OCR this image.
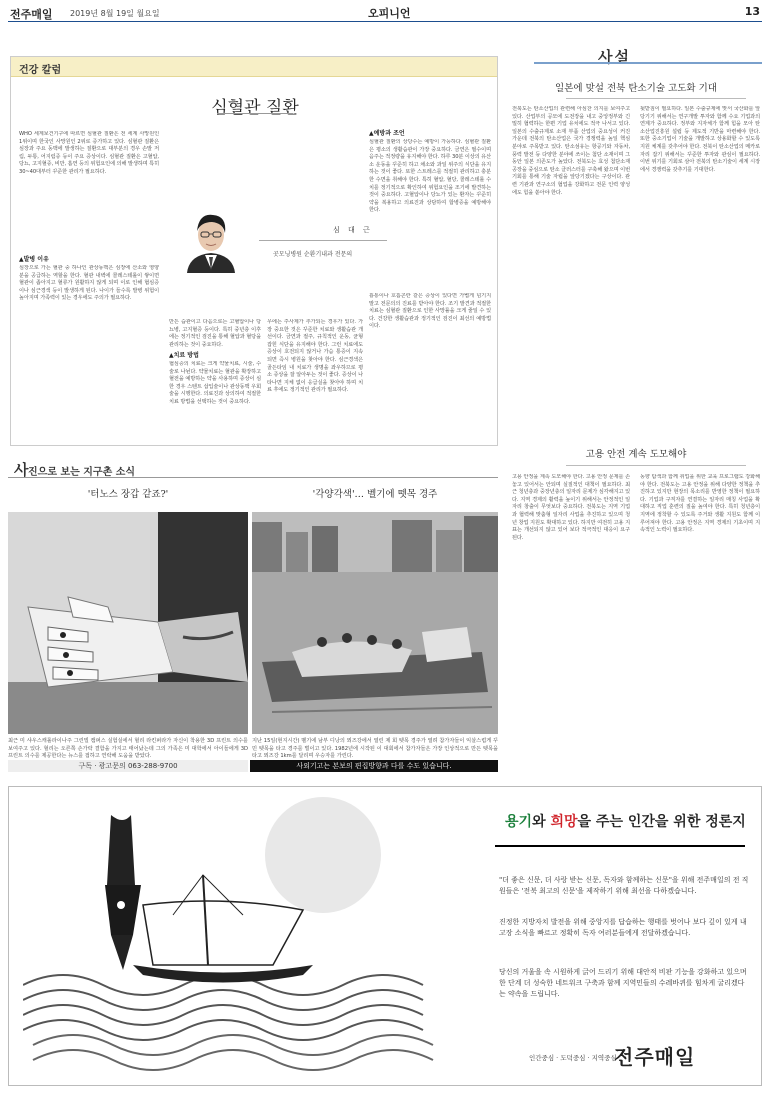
전주매일 2019년 8월 19일 월요일	오피니언	13
건강 칼럼
심혈관 질환
WHO 세계보건기구에 따르면 심혈관 질환은 전 세계 사망원인 1위이며 한국인 사망원인 2위로 증가하고 있다. 심혈관 질환은 심장과 주요 동맥에 발생하는 질환으로 대부분의 경우 손발 저림, 두통, 어지럼증 등이 주요 증상이다. 심혈관 질환은 고혈압, 당뇨, 고지혈증, 비만, 흡연 등의 위험요인에 의해 발생하며 특히 30~40대부터 꾸준한 관리가 필요하다.
▲발병 이유
심장으로 가는 혈관 중 하나인 관상동맥은 심장에 산소와 영양분을 공급하는 역할을 한다. 혈관 내벽에 콜레스테롤이 쌓이면 혈관이 좁아지고 혈류가 원활하지 않게 되며 이로 인해 협심증이나 심근경색 등이 발생하게 된다. 나이가 들수록 발병 위험이 높아지며 가족력이 있는 경우에도 주의가 필요하다.
심 대 근
곳모닝병원 순환기내과 전문의
만든 습관이고 다음으로는 고혈압이나 당뇨병, 고지혈증 등이다. 특히 중년층 이후에는 정기적인 검진을 통해 혈압과 혈당을 관리하는 것이 중요하다.
▲치료 방법
협심증의 치료는 크게 약물치료, 시술, 수술로 나뉜다. 약물치료는 혈관을 확장하고 혈전을 예방하는 약을 사용하며 증상이 심한 경우 스텐트 삽입술이나 관상동맥 우회술을 시행한다. 의료진과 상의하여 적절한 치료 방법을 선택하는 것이 중요하다.
우에는 주사제가 추가되는 경우가 있다. 가장 중요한 것은 꾸준한 치료와 생활습관 개선이다. 금연과 절주, 규칙적인 운동, 균형 잡힌 식단을 유지해야 한다. 그런 치료에도 증상이 호전되지 않거나 가슴 통증이 지속되면 즉시 병원을 찾아야 한다. 심근경색은 골든타임 내 치료가 생명을 좌우하므로 평소 증상을 잘 알아두는 것이 좋다. 증상이 나타나면 지체 없이 응급실을 찾아야 하며 치료 후에도 정기적인 관리가 필요하다.
▲예방과 조언
심혈관 질환의 상당수는 예방이 가능하다. 심혈관 질환은 평소의 생활습관이 가장 중요하다. 금연은 필수이며 음주는 적정량을 유지해야 한다. 하루 30분 이상의 유산소 운동을 꾸준히 하고 채소와 과일 위주의 식단을 유지하는 것이 좋다. 또한 스트레스를 적절히 관리하고 충분한 수면을 취해야 한다. 특히 혈압, 혈당, 콜레스테롤 수치를 정기적으로 확인하여 위험요인을 조기에 발견하는 것이 중요하다. 고혈압이나 당뇨가 있는 환자는 꾸준히 약을 복용하고 의료진과 상담하여 합병증을 예방해야 한다.
흉통이나 호흡곤란 같은 증상이 있다면 가볍게 넘기지 말고 전문의의 진료를 받아야 한다. 조기 발견과 적절한 치료는 심혈관 질환으로 인한 사망률을 크게 줄일 수 있다. 건강한 생활습관과 정기적인 검진이 최선의 예방법이다.
사설
일본에 맞설 전북 탄소기술 고도화 기대
전북도는 탄소산업의 관련해 아심찬 의지를 보여주고 있다. 산업부의 공모에 도전장을 내고 중앙정부와 긴밀히 협력하는 한편 기업 유치에도 적극 나서고 있다. 일본의 수출규제로 소재 부품 산업의 중요성이 커진 가운데 전북의 탄소산업은 국가 경쟁력을 높일 핵심 분야로 주목받고 있다. 탄소섬유는 항공기와 자동차, 풍력 발전 등 다양한 분야에 쓰이는 첨단 소재이며 그동안 일본 의존도가 높았다. 전북도는 효성 첨단소재 공장을 중심으로 탄소 클러스터를 구축해 왔으며 이번 기회를 통해 기술 자립을 앞당기겠다는 구상이다. 관련 기관과 연구소의 협업을 강화하고 전문 인력 양성에도 힘을 쏟아야 한다.
뒷받침이 필요하다. 일본 수출규제에 맞서 국산화를 앞당기기 위해서는 연구개발 투자와 함께 수요 기업과의 연계가 중요하다. 정부와 지자체가 함께 힘을 모아 탄소산업진흥원 설립 등 제도적 기반을 마련해야 한다. 또한 중소기업이 기술을 개발하고 상용화할 수 있도록 지원 체계를 갖추어야 한다. 전북이 탄소산업의 메카로 자리 잡기 위해서는 꾸준한 투자와 관심이 필요하다. 이번 위기를 기회로 삼아 전북의 탄소기술이 세계 시장에서 경쟁력을 갖추기를 기대한다.
고용 안전 계속 도모해야
고용 안정을 계속 도모해야 한다. 고용 안정 문제를 손 놓고 있어서는 안되며 실질적인 대책이 필요하다. 최근 청년층과 중장년층의 일자리 문제가 심각해지고 있다. 지역 경제의 활력을 높이기 위해서는 안정적인 일자리 창출이 무엇보다 중요하다. 전북도는 지역 기업과 협력해 맞춤형 일자리 사업을 추진하고 있으며 청년 창업 지원도 확대하고 있다. 하지만 여전히 고용 지표는 개선되지 않고 있어 보다 적극적인 대응이 요구된다.
동향 탐색과 함께 취업을 위한 교육 프로그램도 강화해야 한다. 전북도는 고용 안정을 위해 다양한 정책을 추진하고 있지만 현장의 목소리를 반영한 정책이 필요하다. 기업과 구직자를 연결하는 일자리 매칭 사업을 확대하고 직업 훈련의 질을 높여야 한다. 특히 청년층이 지역에 정착할 수 있도록 주거와 생활 지원도 함께 이루어져야 한다. 고용 안정은 지역 경제의 기초이며 지속적인 노력이 필요하다.
사 진으로 보는 지구촌 소식
'터노스 장갑 같죠?'	'각양각색'… 벨기에 뗏목 경주
최근 미 샤우스캐롤라이나주 그린빌 캠퍼스 실험실에서 헐리 라킨퍼라가 자신이 착용한 3D 프린트 의수를 보여주고 있다. 헐리는 오른쪽 손가락 결함을 가지고 태어났는데 그의 가족은 미 대학에서 아이들에게 3D 프린트 의수를 제공한다는 뉴스를 접하고 연락해 도움을 받았다.
지난 15일(현지시간) 벨기에 남부 디낭의 뫼즈강에서 열린 제 회 뗏목 경주가 열려 참가자들이 익살스럽게 꾸민 뗏목을 타고 경주를 벌이고 있다. 1982년에 시작된 이 대회에서 참가자들은 가장 인상적으로 만든 뗏목을 타고 뫼즈강 1km를 달리며 우승자를 가린다.
구독 · 광고문의 063-288-9700	사외기고는 본보의 편집방향과 다를 수도 있습니다.
용기와 희망을 주는 인간을 위한 정론지
"더 좋은 신문, 더 사랑 받는 신문, 독자와 함께하는 신문"을 위해 전주매일의 전 직원들은 '전북 최고의 신문'을 제작하기 위해 최선을 다하겠습니다.
진정한 지방자치 발전을 위해 중앙지를 답습하는 행태를 벗어나 보다 깊이 있게 내 고장 소식을 빠르고 정확히 독자 여러분들에게 전달하겠습니다.
당신의 거울을 속 시원하게 긁어 드리기 위해 대안적 비판 기능을 강화하고 있으며 한 단계 더 성숙한 네트워크 구축과 함께 지역민들의 수레바퀴를 힘차게 굴리겠다는 약속을 드립니다.
인간중심 · 도덕중심 · 지역중심
전주매일
